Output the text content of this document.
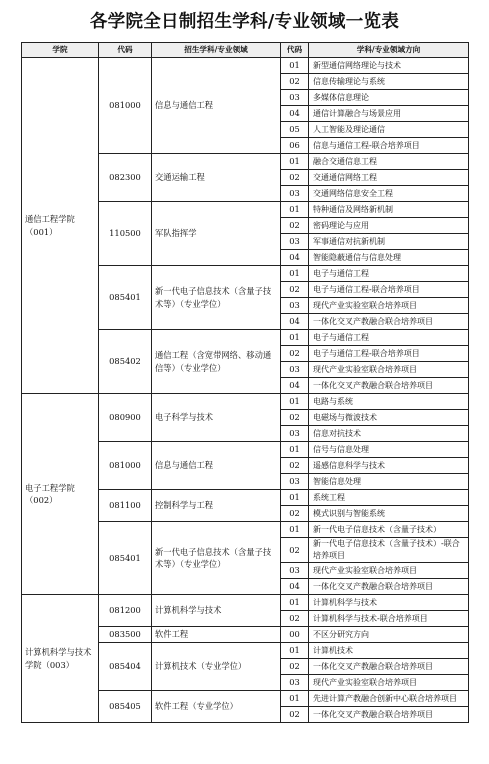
各学院全日制招生学科/专业领域一览表
学院	代码	招生学科/专业领域	代码	学科/专业领域方向
通信工程学院（001）	081000	信息与通信工程	01	新型通信网络理论与技术
			02	信息传输理论与系统
			03	多媒体信息理论
			04	通信计算融合与场景应用
			05	人工智能及理论通信
			06	信息与通信工程-联合培养项目
	082300	交通运输工程	01	融合交通信息工程
			02	交通通信网络工程
			03	交通网络信息安全工程
	110500	军队指挥学	01	特种通信及网络新机制
			02	密码理论与应用
			03	军事通信对抗新机制
			04	智能隐蔽通信与信息处理
	085401	新一代电子信息技术（含量子技术等）（专业学位）	01	电子与通信工程
			02	电子与通信工程-联合培养项目
			03	现代产业实验室联合培养项目
			04	一体化交叉产教融合联合培养项目
	085402	通信工程（含宽带网络、移动通信等）（专业学位）	01	电子与通信工程
			02	电子与通信工程-联合培养项目
			03	现代产业实验室联合培养项目
			04	一体化交叉产教融合联合培养项目
电子工程学院（002）	080900	电子科学与技术	01	电路与系统
			02	电磁场与微波技术
			03	信息对抗技术
	081000	信息与通信工程	01	信号与信息处理
			02	遥感信息科学与技术
			03	智能信息处理
	081100	控制科学与工程	01	系统工程
			02	模式识别与智能系统
	085401	新一代电子信息技术（含量子技术等）（专业学位）	01	新一代电子信息技术（含量子技术）
			02	新一代电子信息技术（含量子技术）-联合培养项目
			03	现代产业实验室联合培养项目
			04	一体化交叉产教融合联合培养项目
计算机科学与技术学院（003）	081200	计算机科学与技术	01	计算机科学与技术
			02	计算机科学与技术-联合培养项目
	083500	软件工程	00	不区分研究方向
	085404	计算机技术（专业学位）	01	计算机技术
			02	一体化交叉产教融合联合培养项目
			03	现代产业实验室联合培养项目
	085405	软件工程（专业学位）	01	先进计算产教融合创新中心联合培养项目
			02	一体化交叉产教融合联合培养项目
